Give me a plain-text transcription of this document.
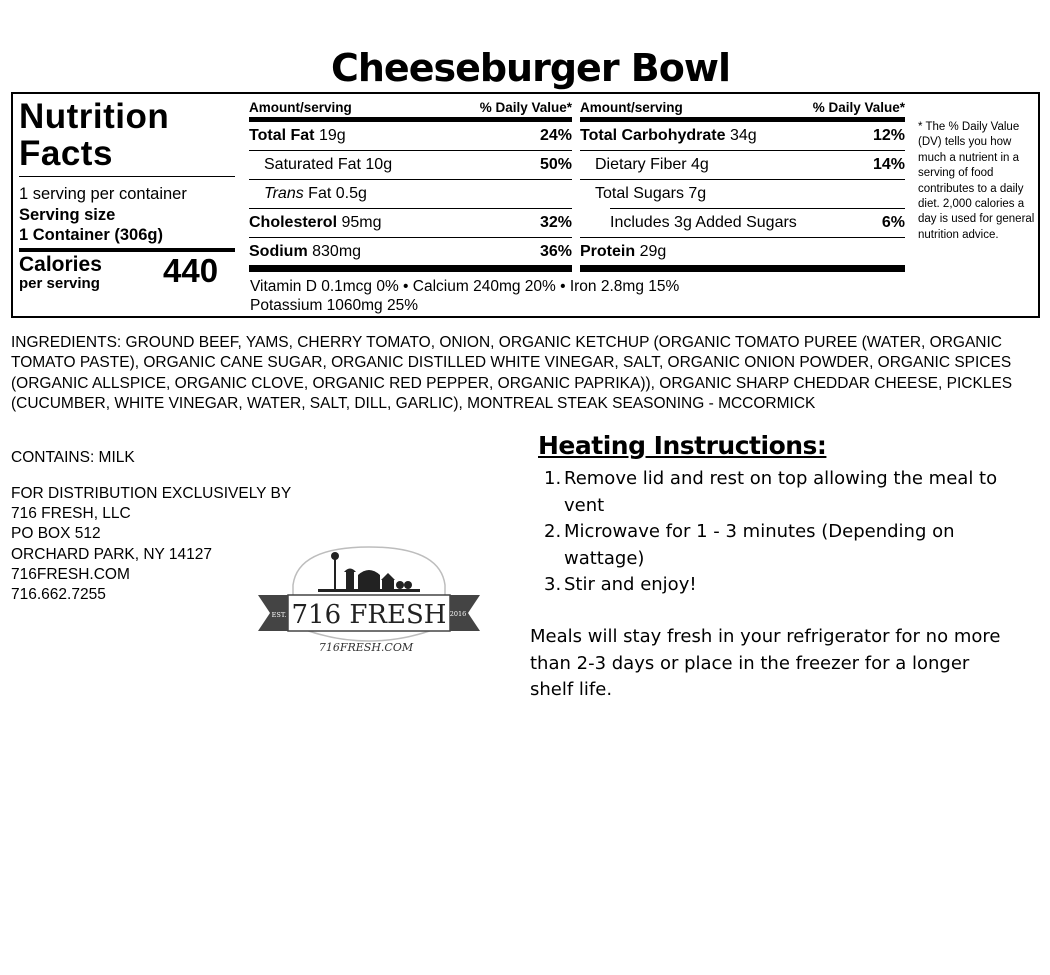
Cheeseburger Bowl
Nutrition
Facts
1 serving per container
Serving size
1 Container (306g)
Calories
per serving 440
Amount/serving	% Daily Value*
Total Fat 19g	24%
Saturated Fat 10g	50%
Trans Fat 0.5g
Cholesterol 95mg	32%
Sodium 830mg	36%
Amount/serving	% Daily Value*
Total Carbohydrate 34g	12%
Dietary Fiber 4g	14%
Total Sugars 7g
Includes 3g Added Sugars	6%
Protein 29g
Vitamin D 0.1mcg 0% • Calcium 240mg 20% • Iron 2.8mg 15%
Potassium 1060mg 25%
* The % Daily Value (DV) tells you how much a nutrient in a serving of food contributes to a daily diet. 2,000 calories a day is used for general nutrition advice.
INGREDIENTS: GROUND BEEF, YAMS, CHERRY TOMATO, ONION, ORGANIC KETCHUP (ORGANIC TOMATO PUREE (WATER, ORGANIC TOMATO PASTE), ORGANIC CANE SUGAR, ORGANIC DISTILLED WHITE VINEGAR, SALT, ORGANIC ONION POWDER, ORGANIC SPICES (ORGANIC ALLSPICE, ORGANIC CLOVE, ORGANIC RED PEPPER, ORGANIC PAPRIKA)), ORGANIC SHARP CHEDDAR CHEESE, PICKLES (CUCUMBER, WHITE VINEGAR, WATER, SALT, DILL, GARLIC), MONTREAL STEAK SEASONING - MCCORMICK
CONTAINS: MILK
FOR DISTRIBUTION EXCLUSIVELY BY
716 FRESH, LLC
PO BOX 512
ORCHARD PARK, NY 14127
716FRESH.COM
716.662.7255
EST.	2016
716 FRESH
716FRESH.COM
Heating Instructions:
1. Remove lid and rest on top allowing the meal to vent
2. Microwave for 1 - 3 minutes (Depending on wattage)
3. Stir and enjoy!
Meals will stay fresh in your refrigerator for no more than 2-3 days or place in the freezer for a longer shelf life.
